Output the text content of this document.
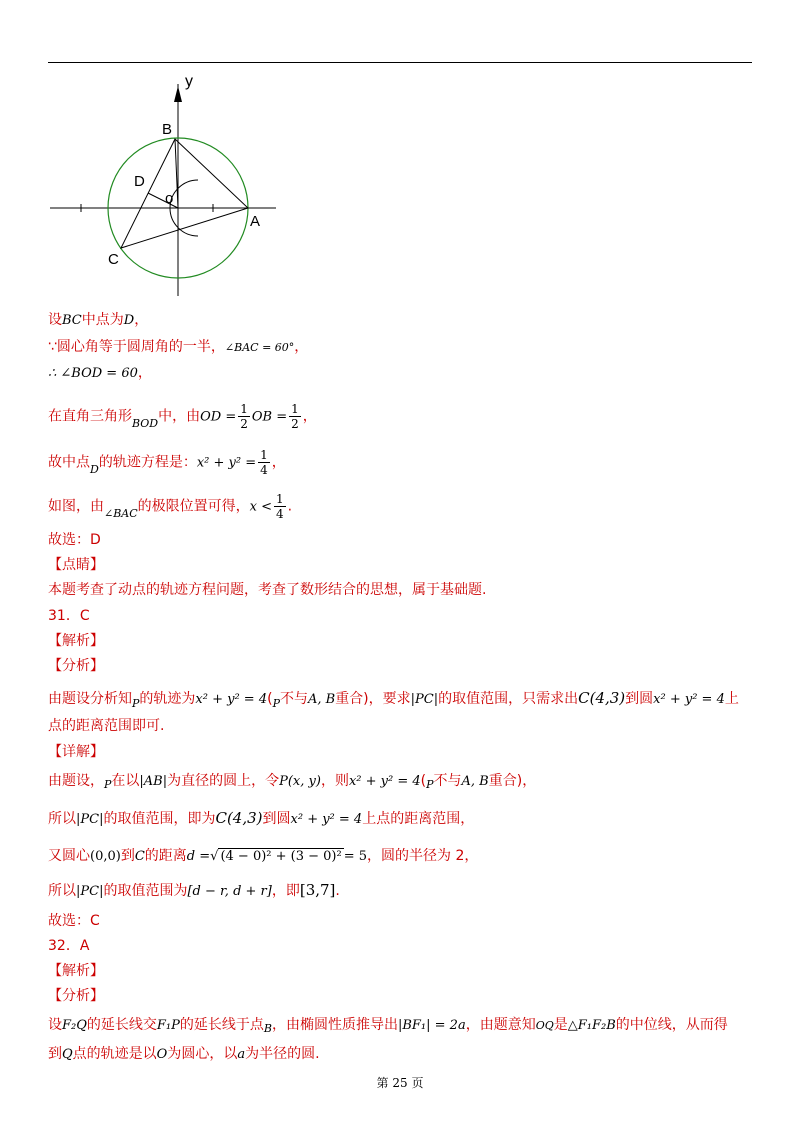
y
B
D
o
A
C
设BC中点为D，
∵圆心角等于圆周角的一半，∠BAC = 60°，
∴ ∠BOD = 60，
在直角三角形$_{BOD}$中，由OD = $\frac{1}{2}$ OB = $\frac{1}{2}$ ，
故中点$_D$的轨迹方程是：$x^2 + y^2 = \frac{1}{4}$ ，
如图，由$_{\angle BAC}$的极限位置可得，$x < \frac{1}{4}$ .
故选：D
【点睛】
本题考查了动点的轨迹方程问题，考查了数形结合的思想，属于基础题.
31．C
【解析】
【分析】
由题设分析知$_P$的轨迹为$x^2 + y^2 = 4(_P$不与A, B重合)，要求|PC|的取值范围，只需求出C(4,3)到圆x² + y² = 4上
点的距离范围即可.
【详解】
由题设，$_P$在以|AB|为直径的圆上，令P(x, y)，则$x^2 + y^2 = 4(_P$不与A, B重合)，
所以|PC|的取值范围，即为C(4,3)到圆x² + y² = 4上点的距离范围，
又圆心(0,0)到C的距离d =√ (4 − 0)² + (3 − 0)² = 5，圆的半径为 2，
所以|PC|的取值范围为[d − r, d + r]，即[3,7].
故选：C
32．A
【解析】
【分析】
设F₂Q的延长线交F₁P的延长线于点$_B$，由椭圆性质推导出|BF₁| = 2a，由题意知OQ是△F₁F₂B的中位线，从而得
到Q点的轨迹是以O为圆心，以a为半径的圆.
第 25 页
